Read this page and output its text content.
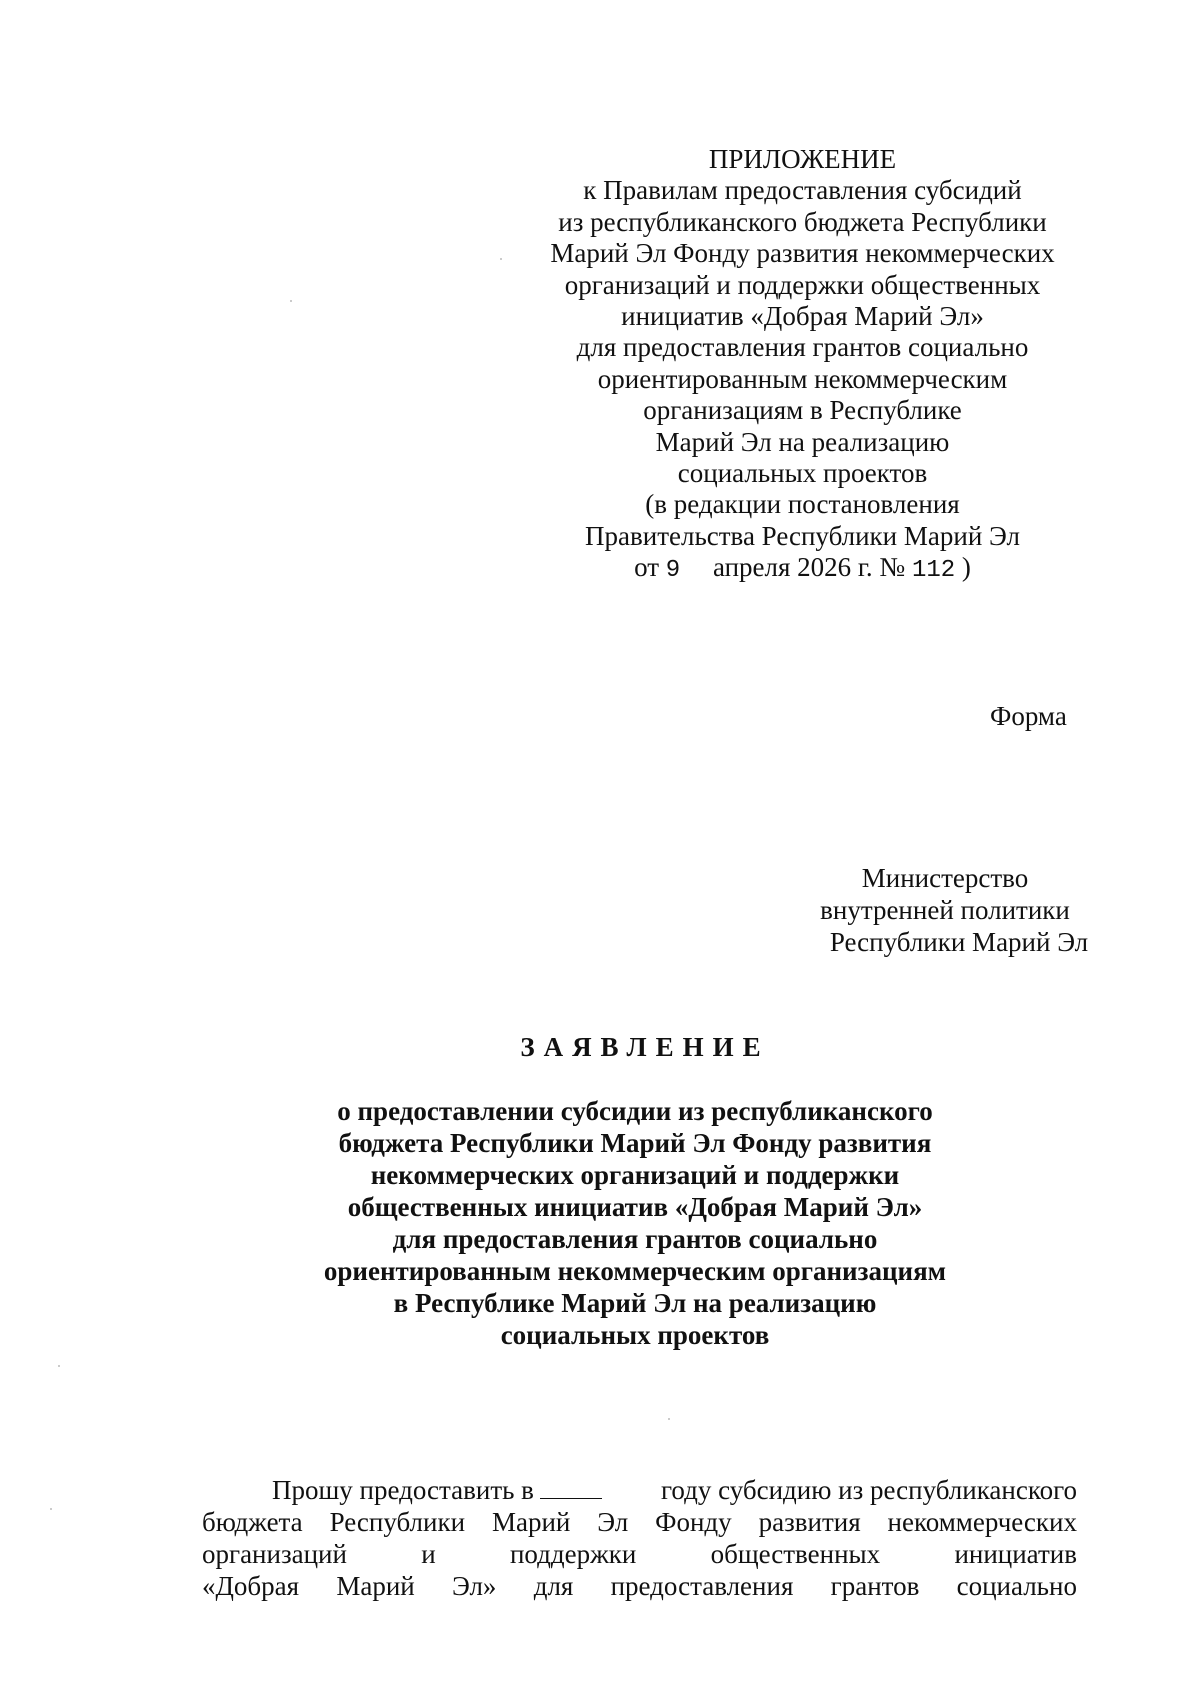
ПРИЛОЖЕНИЕ
к Правилам предоставления субсидий
из республиканского бюджета Республики
Марий Эл Фонду развития некоммерческих
организаций и поддержки общественных
инициатив «Добрая Марий Эл»
для предоставления грантов социально
ориентированным некоммерческим
организациям в Республике
Марий Эл на реализацию
социальных проектов
(в редакции постановления
Правительства Республики Марий Эл
от 9 апреля 2026 г. № 112 )
Форма
Министерство
внутренней политики
Республики Марий Эл
ЗАЯВЛЕНИЕ
о предоставлении субсидии из республиканского
бюджета Республики Марий Эл Фонду развития
некоммерческих организаций и поддержки
общественных инициатив «Добрая Марий Эл»
для предоставления грантов социально
ориентированным некоммерческим организациям
в Республике Марий Эл на реализацию
социальных проектов
Прошу предоставить в	году субсидию из республиканского
бюджета Республики Марий Эл Фонду развития некоммерческих
организаций	и	поддержки	общественных	инициатив
«Добрая Марий Эл» для предоставления грантов социально
